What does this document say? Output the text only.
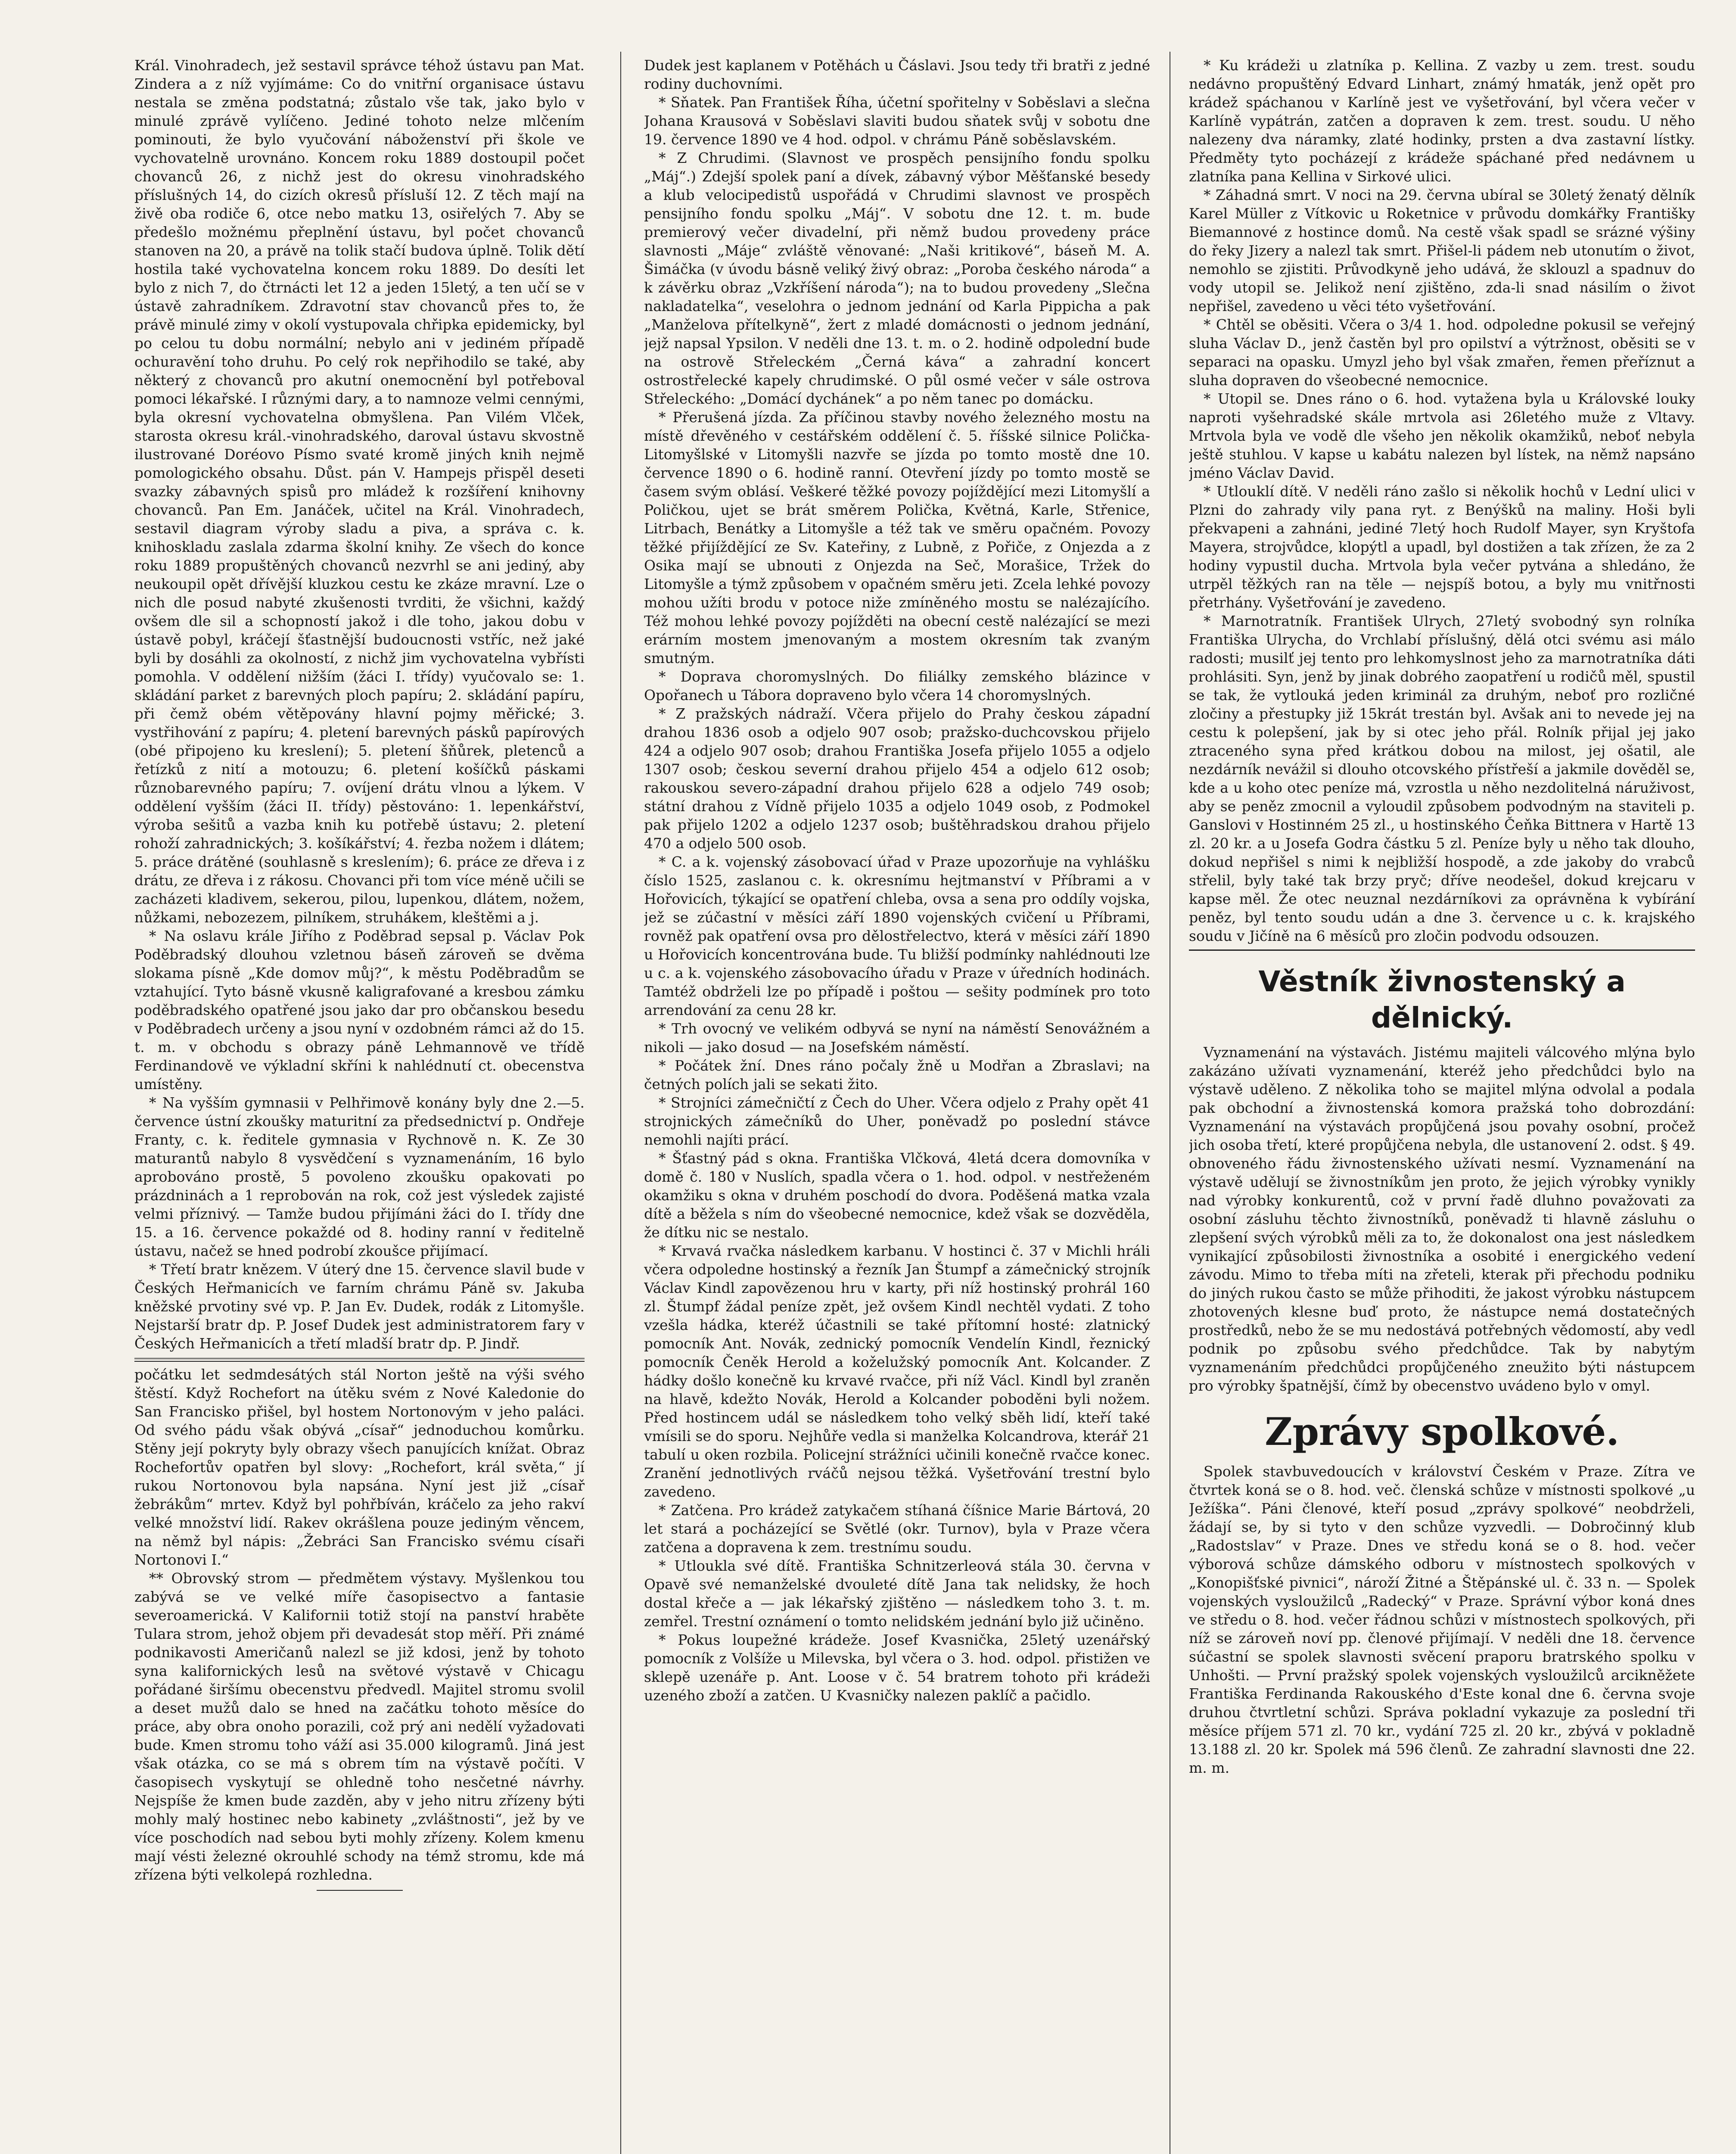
Král. Vinohradech, jež sestavil správce téhož ústavu pan Mat. Zindera a z níž vyjímáme: Co do vnitřní organisace ústavu nestala se změna podstatná; zůstalo vše tak, jako bylo v minulé zprávě vylíčeno. Jediné tohoto nelze mlčením pominouti, že bylo vyučování náboženství při škole ve vychovatelně urovnáno. Koncem roku 1889 dostoupil počet chovanců 26, z nichž jest do okresu vinohradského příslušných 14, do cizích okresů přísluší 12. Z těch mají na živě oba rodiče 6, otce nebo matku 13, osiřelých 7. Aby se předešlo možnému přeplnění ústavu, byl počet chovanců stanoven na 20, a právě na tolik stačí budova úplně. Tolik dětí hostila také vychovatelna koncem roku 1889. Do desíti let bylo z nich 7, do čtrnácti let 12 a jeden 15letý, a ten učí se v ústavě zahradníkem. Zdravotní stav chovanců přes to, že právě minulé zimy v okolí vystupovala chřipka epidemicky, byl po celou tu dobu normální; nebylo ani v jediném případě ochuravění toho druhu. Po celý rok nepřihodilo se také, aby některý z chovanců pro akutní onemocnění byl potřeboval pomoci lékařské. I různými dary, a to namnoze velmi cennými, byla okresní vychovatelna obmyšlena. Pan Vilém Vlček, starosta okresu král.-vinohradského, daroval ústavu skvostně ilustrované Doréovo Písmo svaté kromě jiných knih nejmě pomologického obsahu. Důst. pán V. Hampejs přispěl deseti svazky zábavných spisů pro mládež k rozšíření knihovny chovanců. Pan Em. Janáček, učitel na Král. Vinohradech, sestavil diagram výroby sladu a piva, a správa c. k. knihoskladu zaslala zdarma školní knihy. Ze všech do konce roku 1889 propuštěných chovanců nezvrhl se ani jediný, aby neukoupil opět dřívější kluzkou cestu ke zkáze mravní. Lze o nich dle posud nabyté zkušenosti tvrditi, že všichni, každý ovšem dle sil a schopností jakož i dle toho, jakou dobu v ústavě pobyl, kráčejí šťastnější budoucnosti vstříc, než jaké byli by dosáhli za okolností, z nichž jim vychovatelna vybřísti pomohla. V oddělení nižším (žáci I. třídy) vyučovalo se: 1. skládání parket z barevných ploch papíru; 2. skládání papíru, při čemž obém větěpovány hlavní pojmy měřické; 3. vystřihování z papíru; 4. pletení barevných pásků papírových (obé připojeno ku kreslení); 5. pletení šňůrek, pletenců a řetízků z nití a motouzu; 6. pletení košíčků páskami různobarevného papíru; 7. ovíjení drátu vlnou a lýkem. V oddělení vyšším (žáci II. třídy) pěstováno: 1. lepenkářství, výroba sešitů a vazba knih ku potřebě ústavu; 2. pletení rohoží zahradnických; 3. košíkářství; 4. řezba nožem i dlátem; 5. práce drátěné (souhlasně s kreslením); 6. práce ze dřeva i z drátu, ze dřeva i z rákosu. Chovanci při tom více méně učili se zacházeti kladivem, sekerou, pilou, lupenkou, dlátem, nožem, nůžkami, nebozezem, pilníkem, struhákem, kleštěmi a j.

* Na oslavu krále Jiřího z Poděbrad sepsal p. Václav Pok Poděbradský dlouhou vzletnou báseň zároveň se dvěma slokama písně „Kde domov můj?“, k městu Poděbradům se vztahující. Tyto básně vkusně kaligrafované a kresbou zámku poděbradského opatřené jsou jako dar pro občanskou besedu v Poděbradech určeny a jsou nyní v ozdobném rámci až do 15. t. m. v obchodu s obrazy páně Lehmannově ve třídě Ferdinandově ve výkladní skříni k nahlédnutí ct. obecenstva umístěny.

* Na vyšším gymnasii v Pelhřimově konány byly dne 2.—5. července ústní zkoušky maturitní za předsednictví p. Ondřeje Franty, c. k. ředitele gymnasia v Rychnově n. K. Ze 30 maturantů nabylo 8 vysvědčení s vyznamenáním, 16 bylo aprobováno prostě, 5 povoleno zkoušku opakovati po prázdninách a 1 reprobován na rok, což jest výsledek zajisté velmi příznivý. — Tamže budou přijímáni žáci do I. třídy dne 15. a 16. července pokaždé od 8. hodiny ranní v ředitelně ústavu, načež se hned podrobí zkoušce přijímací.

* Třetí bratr knězem. V úterý dne 15. července slavil bude v Českých Heřmanicích ve farním chrámu Páně sv. Jakuba kněžské prvotiny své vp. P. Jan Ev. Dudek, rodák z Litomyšle. Nejstarší bratr dp. P. Josef Dudek jest administratorem fary v Českých Heřmanicích a třetí mladší bratr dp. P. Jindř.

počátku let sedmdesátých stál Norton ještě na výši svého štěstí. Když Rochefort na útěku svém z Nové Kaledonie do San Francisko přišel, byl hostem Nortonovým v jeho paláci. Od svého pádu však obývá „císař“ jednoduchou komůrku. Stěny její pokryty byly obrazy všech panujících knížat. Obraz Rochefortův opatřen byl slovy: „Rochefort, král světa,“ jí rukou Nortonovou byla napsána. Nyní jest již „císař žebrákům“ mrtev. Když byl pohřbíván, kráčelo za jeho rakví velké množství lidí. Rakev okrášlena pouze jediným věncem, na němž byl nápis: „Žebráci San Francisko svému císaři Nortonovi I.“

** Obrovský strom — předmětem výstavy. Myšlenkou tou zabývá se ve velké míře časopisectvo a fantasie severoamerická. V Kalifornii totiž stojí na panství hraběte Tulara strom, jehož objem při devadesát stop měří. Při známé podnikavosti Američanů nalezl se již kdosi, jenž by tohoto syna kalifornických lesů na světové výstavě v Chicagu pořádané širšímu obecenstvu předvedl. Majitel stromu svolil a deset mužů dalo se hned na začátku tohoto měsíce do práce, aby obra onoho porazili, což prý ani nedělí vyžadovati bude. Kmen stromu toho váží asi 35.000 kilogramů. Jiná jest však otázka, co se má s obrem tím na výstavě počíti. V časopisech vyskytují se ohledně toho nesčetné návrhy. Nejspíše že kmen bude zazděn, aby v jeho nitru zřízeny býti mohly malý hostinec nebo kabinety „zvláštnosti“, jež by ve více poschodích nad sebou byti mohly zřízeny. Kolem kmenu mají vésti železné okrouhlé schody na témž stromu, kde má zřízena býti velkolepá rozhledna.

Dudek jest kaplanem v Potěhách u Čáslavi. Jsou tedy tři bratři z jedné rodiny duchovními.

* Sňatek. Pan František Říha, účetní spořitelny v Soběslavi a slečna Johana Krausová v Soběslavi slaviti budou sňatek svůj v sobotu dne 19. července 1890 ve 4 hod. odpol. v chrámu Páně soběslavském.

* Z Chrudimi. (Slavnost ve prospěch pensijního fondu spolku „Máj“.) Zdejší spolek paní a dívek, zábavný výbor Měšťanské besedy a klub velocipedistů uspořádá v Chrudimi slavnost ve prospěch pensijního fondu spolku „Máj“. V sobotu dne 12. t. m. bude premierový večer divadelní, při němž budou provedeny práce slavnosti „Máje“ zvláště věnované: „Naši kritikové“, báseň M. A. Šimáčka (v úvodu básně veliký živý obraz: „Poroba českého národa“ a k závěrku obraz „Vzkříšení národa“); na to budou provedeny „Slečna nakladatelka“, veselohra o jednom jednání od Karla Pippicha a pak „Manželova přítelkyně“, žert z mladé domácnosti o jednom jednání, jejž napsal Ypsilon. V neděli dne 13. t. m. o 2. hodině odpolední bude na ostrově Střeleckém „Černá káva“ a zahradní koncert ostrostřelecké kapely chrudimské. O půl osmé večer v sále ostrova Střeleckého: „Domácí dychánek“ a po něm tanec po domácku.

* Přerušená jízda. Za příčinou stavby nového železného mostu na místě dřevěného v cestářském oddělení č. 5. říšské silnice Polička-Litomyšlské v Litomyšli nazvře se jízda po tomto mostě dne 10. července 1890 o 6. hodině ranní. Otevření jízdy po tomto mostě se časem svým oblásí. Veškeré těžké povozy pojíždějící mezi Litomyšlí a Poličkou, ujet se brát směrem Polička, Květná, Karle, Střenice, Litrbach, Benátky a Litomyšle a též tak ve směru opačném. Povozy těžké přijíždějící ze Sv. Kateřiny, z Lubně, z Pořiče, z Onjezda a z Osika mají se ubnouti z Onjezda na Seč, Morašice, Tržek do Litomyšle a týmž způsobem v opačném směru jeti. Zcela lehké povozy mohou užíti brodu v potoce niže zmíněného mostu se nalézajícího. Též mohou lehké povozy pojížděti na obecní cestě nalézající se mezi erárním mostem jmenovaným a mostem okresním tak zvaným smutným.

* Doprava choromyslných. Do filiálky zemského blázince v Opořanech u Tábora dopraveno bylo včera 14 choromyslných.

* Z pražských nádraží. Včera přijelo do Prahy českou západní drahou 1836 osob a odjelo 907 osob; pražsko-duchcovskou přijelo 424 a odjelo 907 osob; drahou Františka Josefa přijelo 1055 a odjelo 1307 osob; českou severní drahou přijelo 454 a odjelo 612 osob; rakouskou severo-západní drahou přijelo 628 a odjelo 749 osob; státní drahou z Vídně přijelo 1035 a odjelo 1049 osob, z Podmokel pak přijelo 1202 a odjelo 1237 osob; buštěhradskou drahou přijelo 470 a odjelo 500 osob.

* C. a k. vojenský zásobovací úřad v Praze upozorňuje na vyhlášku číslo 1525, zaslanou c. k. okresnímu hejtmanství v Příbrami a v Hořovicích, týkající se opatření chleba, ovsa a sena pro oddíly vojska, jež se zúčastní v měsíci září 1890 vojenských cvičení u Příbrami, rovněž pak opatření ovsa pro dělostřelectvo, která v měsíci září 1890 u Hořovicích koncentrována bude. Tu bližší podmínky nahlédnouti lze u c. a k. vojenského zásobovacího úřadu v Praze v úředních hodinách. Tamtéž obdrželi lze po případě i poštou — sešity podmínek pro toto arrendování za cenu 28 kr.

* Trh ovocný ve velikém odbyvá se nyní na náměstí Senovážném a nikoli — jako dosud — na Josefském náměstí.

* Počátek žní. Dnes ráno počaly žně u Modřan a Zbraslavi; na četných polích jali se sekati žito.

* Strojníci zámečničtí z Čech do Uher. Včera odjelo z Prahy opět 41 strojnických zámečníků do Uher, poněvadž po poslední stávce nemohli najíti prácí.

* Šťastný pád s okna. Františka Vlčková, 4letá dcera domovníka v domě č. 180 v Nuslích, spadla včera o 1. hod. odpol. v nestřeženém okamžiku s okna v druhém poschodí do dvora. Poděšená matka vzala dítě a běžela s ním do všeobecné nemocnice, kdež však se dozvěděla, že dítku nic se nestalo.

* Krvavá rvačka následkem karbanu. V hostinci č. 37 v Michli hráli včera odpoledne hostinský a řezník Jan Štumpf a zámečnický strojník Václav Kindl zapovězenou hru v karty, při níž hostinský prohrál 160 zl. Štumpf žádal peníze zpět, jež ovšem Kindl nechtěl vydati. Z toho vzešla hádka, kteréž účastnili se také přítomní hosté: zlatnický pomocník Ant. Novák, zednický pomocník Vendelín Kindl, řeznický pomocník Čeněk Herold a koželužský pomocník Ant. Kolcander. Z hádky došlo konečně ku krvavé rvačce, při níž Václ. Kindl byl zraněn na hlavě, kdežto Novák, Herold a Kolcander poboděni byli nožem. Před hostincem udál se následkem toho velký sběh lidí, kteří také vmísili se do sporu. Nejhůře vedla si manželka Kolcandrova, kterář 21 tabulí u oken rozbila. Policejní strážníci učinili konečně rvačce konec. Zranění jednotlivých rváčů nejsou těžká. Vyšetřování trestní bylo zavedeno.

* Zatčena. Pro krádež zatykačem stíhaná číšnice Marie Bártová, 20 let stará a pocházející se Světlé (okr. Turnov), byla v Praze včera zatčena a dopravena k zem. trestnímu soudu.

* Utloukla své dítě. Františka Schnitzerleová stála 30. června v Opavě své nemanželské dvouleté dítě Jana tak nelidsky, že hoch dostal křeče a — jak lékařský zjištěno — následkem toho 3. t. m. zemřel. Trestní oznámení o tomto nelidském jednání bylo již učiněno.

* Pokus loupežné krádeže. Josef Kvasnička, 25letý uzenářský pomocník z Volšíže u Milevska, byl včera o 3. hod. odpol. přistižen ve sklepě uzenáře p. Ant. Loose v č. 54 bratrem tohoto při krádeži uzeného zboží a zatčen. U Kvasničky nalezen paklíč a pačidlo.

* Ku krádeži u zlatníka p. Kellina. Z vazby u zem. trest. soudu nedávno propuštěný Edvard Linhart, známý hmaták, jenž opět pro krádež spáchanou v Karlíně jest ve vyšetřování, byl včera večer v Karlíně vypátrán, zatčen a dopraven k zem. trest. soudu. U něho nalezeny dva náramky, zlaté hodinky, prsten a dva zastavní lístky. Předměty tyto pocházejí z krádeže spáchané před nedávnem u zlatníka pana Kellina v Sirkové ulici.

* Záhadná smrt. V noci na 29. června ubíral se 30letý ženatý dělník Karel Müller z Vítkovic u Roketnice v průvodu domkářky Františky Biemannové z hostince domů. Na cestě však spadl se srázné výšiny do řeky Jizery a nalezl tak smrt. Přišel-li pádem neb utonutím o život, nemohlo se zjistiti. Průvodkyně jeho udává, že sklouzl a spadnuv do vody utopil se. Jelikož není zjištěno, zda-li snad násilím o život nepřišel, zavedeno u věci této vyšetřování.

* Chtěl se oběsiti. Včera o 3/4 1. hod. odpoledne pokusil se veřejný sluha Václav D., jenž častěn byl pro opilství a výtržnost, oběsiti se v separaci na opasku. Umyzl jeho byl však zmařen, řemen přeříznut a sluha dopraven do všeobecné nemocnice.

* Utopil se. Dnes ráno o 6. hod. vytažena byla u Královské louky naproti vyšehradské skále mrtvola asi 26letého muže z Vltavy. Mrtvola byla ve vodě dle všeho jen několik okamžiků, neboť nebyla ještě stuhlou. V kapse u kabátu nalezen byl lístek, na němž napsáno jméno Václav David.

* Utlouklí dítě. V neděli ráno zašlo si několik hochů v Lední ulici v Plzni do zahrady vily pana ryt. z Benýšků na maliny. Hoši byli překvapeni a zahnáni, jediné 7letý hoch Rudolf Mayer, syn Kryštofa Mayera, strojvůdce, klopýtl a upadl, byl dostižen a tak zřízen, že za 2 hodiny vypustil ducha. Mrtvola byla večer pytvána a shledáno, že utrpěl těžkých ran na těle — nejspíš botou, a byly mu vnitřnosti přetrhány. Vyšetřování je zavedeno.

* Marnotratník. František Ulrych, 27letý svobodný syn rolníka Františka Ulrycha, do Vrchlabí příslušný, dělá otci svému asi málo radosti; musilť jej tento pro lehkomyslnost jeho za marnotratníka dáti prohlásiti. Syn, jenž by jinak dobrého zaopatření u rodičů měl, spustil se tak, že vytlouká jeden kriminál za druhým, neboť pro rozličné zločiny a přestupky již 15krát trestán byl. Avšak ani to nevede jej na cestu k polepšení, jak by si otec jeho přál. Rolník přijal jej jako ztraceného syna před krátkou dobou na milost, jej ošatil, ale nezdárník nevážil si dlouho otcovského přístřeší a jakmile dověděl se, kde a u koho otec peníze má, vzrostla u něho nezdolitelná náruživost, aby se peněz zmocnil a vyloudil způsobem podvodným na staviteli p. Ganslovi v Hostinném 25 zl., u hostinského Čeňka Bittnera v Hartě 13 zl. 20 kr. a u Josefa Godra částku 5 zl. Peníze byly u něho tak dlouho, dokud nepřišel s nimi k nejbližší hospodě, a zde jakoby do vrabců střelil, byly také tak brzy pryč; dříve neodešel, dokud krejcaru v kapse měl. Že otec neuznal nezdárníkovi za oprávněna k vybírání peněz, byl tento soudu udán a dne 3. července u c. k. krajského soudu v Jičíně na 6 měsíců pro zločin podvodu odsouzen.

Věstník živnostenský a dělnický.

Vyznamenání na výstavách. Jistému majiteli válcového mlýna bylo zakázáno užívati vyznamenání, kteréž jeho předchůdci bylo na výstavě uděleno. Z několika toho se majitel mlýna odvolal a podala pak obchodní a živnostenská komora pražská toho dobrozdání: Vyznamenání na výstavách propůjčená jsou povahy osobní, pročež jich osoba třetí, které propůjčena nebyla, dle ustanovení 2. odst. § 49. obnoveného řádu živnostenského užívati nesmí. Vyznamenání na výstavě udělují se živnostníkům jen proto, že jejich výrobky vynikly nad výrobky konkurentů, což v první řadě dluhno považovati za osobní zásluhu těchto živnostníků, poněvadž ti hlavně zásluhu o zlepšení svých výrobků měli za to, že dokonalost ona jest následkem vynikající způsobilosti živnostníka a osobité i energického vedení závodu. Mimo to třeba míti na zřeteli, kterak při přechodu podniku do jiných rukou často se může přihoditi, že jakost výrobku nástupcem zhotovených klesne buď proto, že nástupce nemá dostatečných prostředků, nebo že se mu nedostává potřebných vědomostí, aby vedl podnik po způsobu svého předchůdce. Tak by nabytým vyznamenáním předchůdci propůjčeného zneužito býti nástupcem pro výrobky špatnější, čímž by obecenstvo uvádeno bylo v omyl.

Zprávy spolkové.

Spolek stavbuvedoucích v království Českém v Praze. Zítra ve čtvrtek koná se o 8. hod. več. členská schůze v místnosti spolkové „u Ježíška“. Páni členové, kteří posud „zprávy spolkové“ neobdrželi, žádají se, by si tyto v den schůze vyzvedli. — Dobročinný klub „Radostslav“ v Praze. Dnes ve středu koná se o 8. hod. večer výborová schůze dámského odboru v místnostech spolkových v „Konopišťské pivnici“, nároží Žitné a Štěpánské ul. č. 33 n. — Spolek vojenských vysloužilců „Radecký“ v Praze. Správní výbor koná dnes ve středu o 8. hod. večer řádnou schůzi v místnostech spolkových, při níž se zároveň noví pp. členové přijímají. V neděli dne 18. července súčastní se spolek slavnosti svěcení praporu bratrského spolku v Unhošti. — První pražský spolek vojenských vysloužilců arcikněžete Františka Ferdinanda Rakouského d'Este konal dne 6. června svoje druhou čtvrtletní schůzi. Správa pokladní vykazuje za poslední tři měsíce příjem 571 zl. 70 kr., vydání 725 zl. 20 kr., zbývá v pokladně 13.188 zl. 20 kr. Spolek má 596 členů. Ze zahradní slavnosti dne 22. m. m.
